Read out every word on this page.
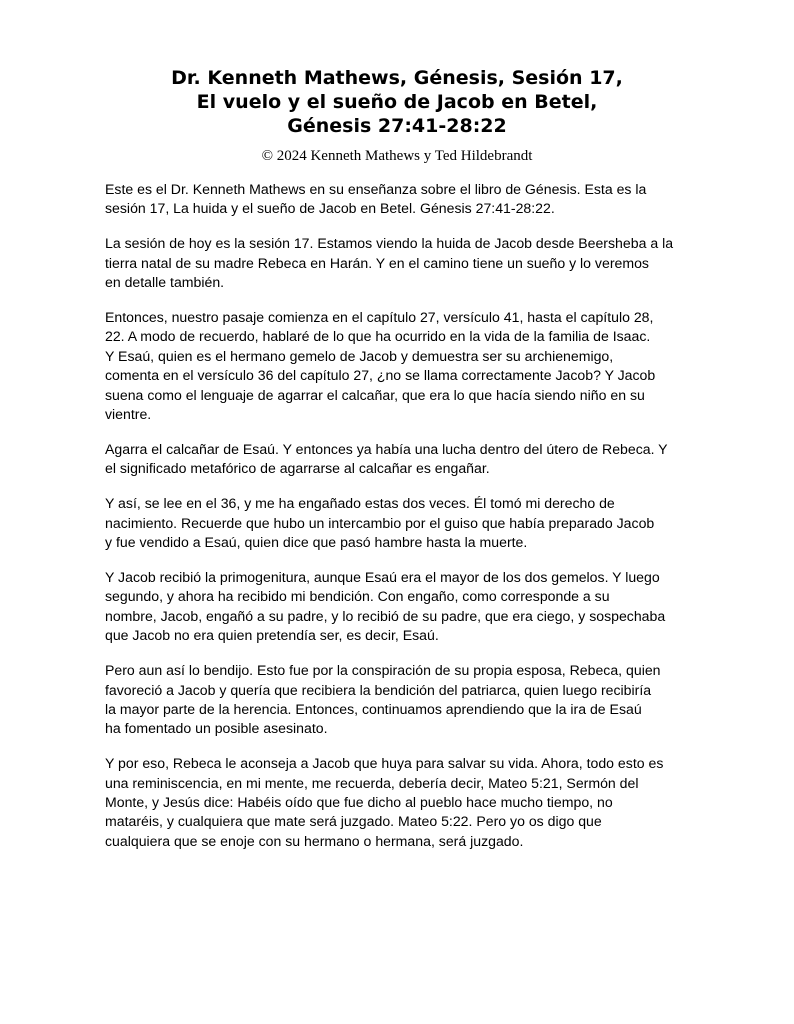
Dr. Kenneth Mathews, Génesis, Sesión 17,
El vuelo y el sueño de Jacob en Betel,
Génesis 27:41-28:22
© 2024 Kenneth Mathews y Ted Hildebrandt

Este es el Dr. Kenneth Mathews en su enseñanza sobre el libro de Génesis. Esta es la
sesión 17, La huida y el sueño de Jacob en Betel. Génesis 27:41-28:22.

La sesión de hoy es la sesión 17. Estamos viendo la huida de Jacob desde Beersheba a la
tierra natal de su madre Rebeca en Harán. Y en el camino tiene un sueño y lo veremos
en detalle también.

Entonces, nuestro pasaje comienza en el capítulo 27, versículo 41, hasta el capítulo 28,
22. A modo de recuerdo, hablaré de lo que ha ocurrido en la vida de la familia de Isaac.
Y Esaú, quien es el hermano gemelo de Jacob y demuestra ser su archienemigo,
comenta en el versículo 36 del capítulo 27, ¿no se llama correctamente Jacob? Y Jacob
suena como el lenguaje de agarrar el calcañar, que era lo que hacía siendo niño en su
vientre.

Agarra el calcañar de Esaú. Y entonces ya había una lucha dentro del útero de Rebeca. Y
el significado metafórico de agarrarse al calcañar es engañar.

Y así, se lee en el 36, y me ha engañado estas dos veces. Él tomó mi derecho de
nacimiento. Recuerde que hubo un intercambio por el guiso que había preparado Jacob
y fue vendido a Esaú, quien dice que pasó hambre hasta la muerte.

Y Jacob recibió la primogenitura, aunque Esaú era el mayor de los dos gemelos. Y luego
segundo, y ahora ha recibido mi bendición. Con engaño, como corresponde a su
nombre, Jacob, engañó a su padre, y lo recibió de su padre, que era ciego, y sospechaba
que Jacob no era quien pretendía ser, es decir, Esaú.

Pero aun así lo bendijo. Esto fue por la conspiración de su propia esposa, Rebeca, quien
favoreció a Jacob y quería que recibiera la bendición del patriarca, quien luego recibiría
la mayor parte de la herencia. Entonces, continuamos aprendiendo que la ira de Esaú
ha fomentado un posible asesinato.

Y por eso, Rebeca le aconseja a Jacob que huya para salvar su vida. Ahora, todo esto es
una reminiscencia, en mi mente, me recuerda, debería decir, Mateo 5:21, Sermón del
Monte, y Jesús dice: Habéis oído que fue dicho al pueblo hace mucho tiempo, no
mataréis, y cualquiera que mate será juzgado. Mateo 5:22. Pero yo os digo que
cualquiera que se enoje con su hermano o hermana, será juzgado.
